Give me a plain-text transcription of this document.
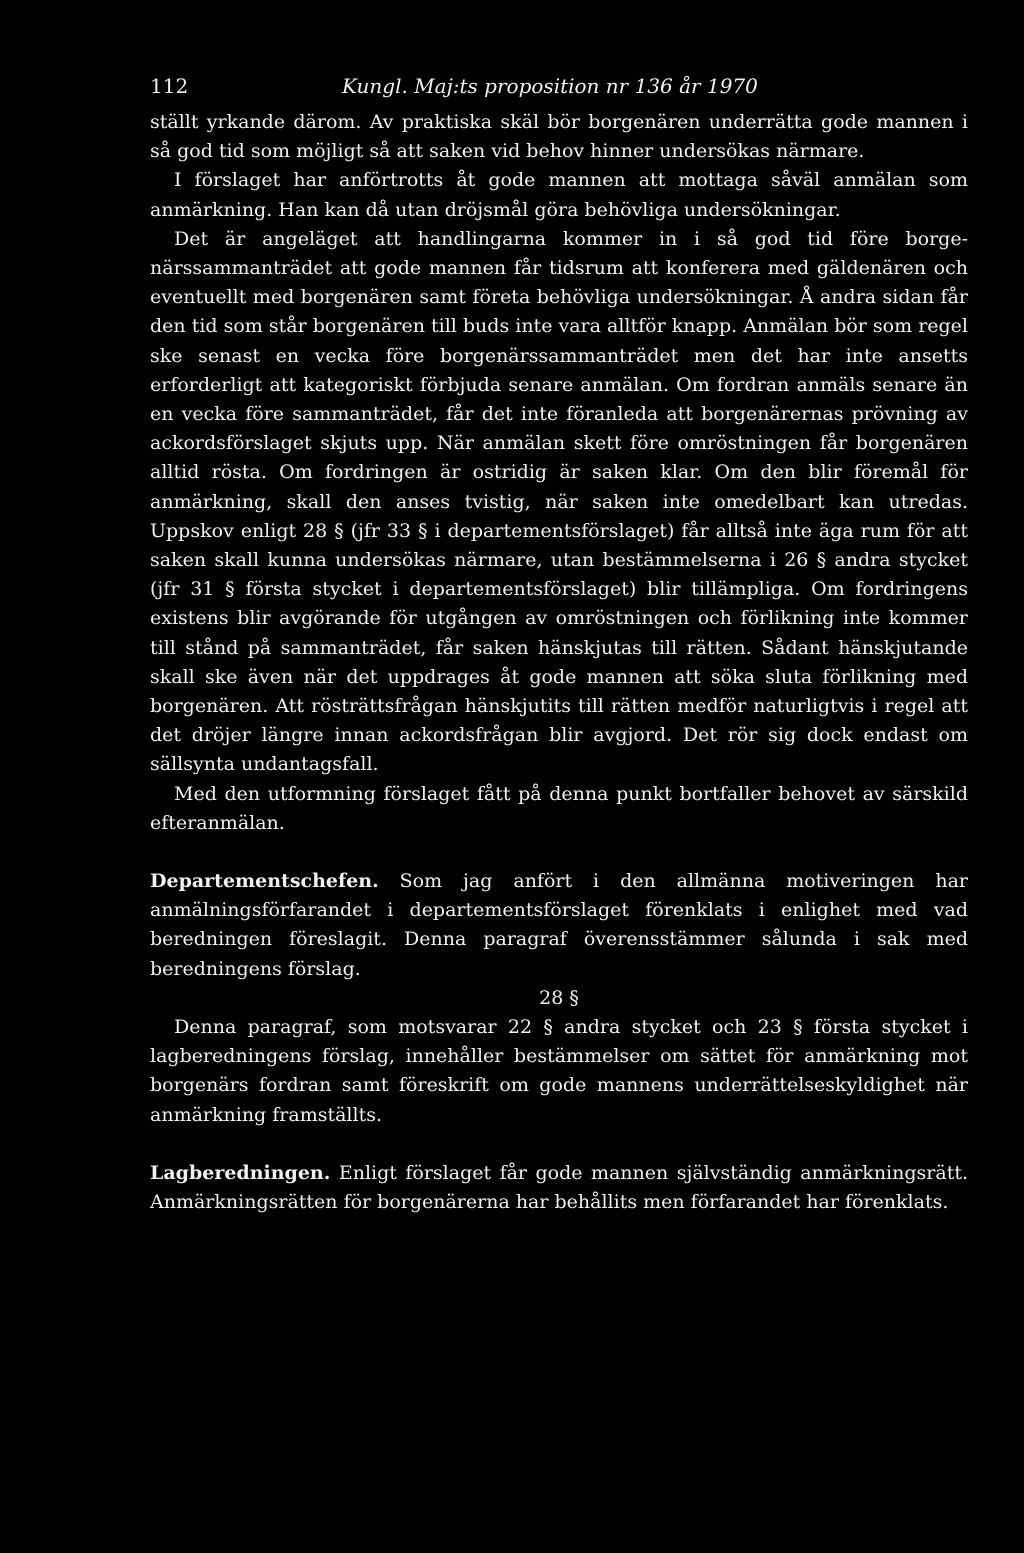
112	Kungl. Maj:ts proposition nr 136 år 1970

ställt yrkande därom. Av praktiska skäl bör borgenären underrätta gode mannen i så god tid som möjligt så att saken vid behov hinner undersökas närmare.

I förslaget har anförtrotts åt gode mannen att mottaga såväl anmälan som anmärkning. Han kan då utan dröjsmål göra behövliga undersökningar.

Det är angeläget att handlingarna kommer in i så god tid före borgenärssammanträdet att gode mannen får tidsrum att konferera med gäldenären och eventuellt med borgenären samt företa behövliga undersökningar. Å andra sidan får den tid som står borgenären till buds inte vara alltför knapp. Anmälan bör som regel ske senast en vecka före borgenärssammanträdet men det har inte ansetts erforderligt att kategoriskt förbjuda senare anmälan. Om fordran anmäls senare än en vecka före sammanträdet, får det inte föranleda att borgenärernas prövning av ackordsförslaget skjuts upp. När anmälan skett före omröstningen får borgenären alltid rösta. Om fordringen är ostridig är saken klar. Om den blir föremål för anmärkning, skall den anses tvistig, när saken inte omedelbart kan utredas. Uppskov enligt 28 § (jfr 33 § i departementsförslaget) får alltså inte äga rum för att saken skall kunna undersökas närmare, utan bestämmelserna i 26 § andra stycket (jfr 31 § första stycket i departementsförslaget) blir tillämpliga. Om fordringens existens blir avgörande för utgången av omröstningen och förlikning inte kommer till stånd på sammanträdet, får saken hänskjutas till rätten. Sådant hänskjutande skall ske även när det uppdrages åt gode mannen att söka sluta förlikning med borgenären. Att rösträttsfrågan hänskjutits till rätten medför naturligtvis i regel att det dröjer längre innan ackordsfrågan blir avgjord. Det rör sig dock endast om sällsynta undantagsfall.

Med den utformning förslaget fått på denna punkt bortfaller behovet av särskild efteranmälan.

Departementschefen. Som jag anfört i den allmänna motiveringen har anmälningsförfarandet i departementsförslaget förenklats i enlighet med vad beredningen föreslagit. Denna paragraf överensstämmer sålunda i sak med beredningens förslag.

28 §

Denna paragraf, som motsvarar 22 § andra stycket och 23 § första stycket i lagberedningens förslag, innehåller bestämmelser om sättet för anmärkning mot borgenärs fordran samt föreskrift om gode mannens underrättelseskyldighet när anmärkning framställts.

Lagberedningen. Enligt förslaget får gode mannen självständig anmärkningsrätt. Anmärkningsrätten för borgenärerna har behållits men förfarandet har förenklats.
